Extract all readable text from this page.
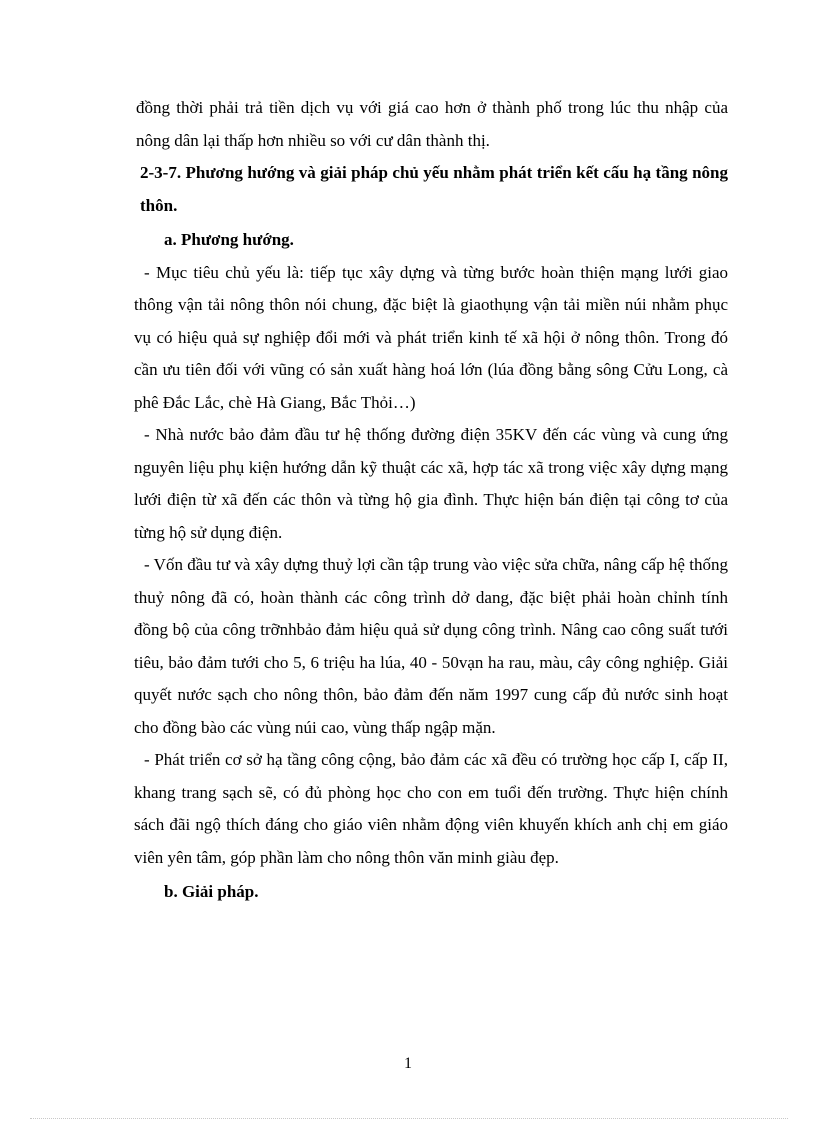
đồng thời phải trả tiền dịch vụ với giá cao hơn ở thành phố trong lúc thu nhập của nông dân lại thấp hơn nhiều so với cư dân thành thị.

2-3-7. Phương hướng và giải pháp chủ yếu nhằm phát triển kết cấu hạ tầng nông thôn.

a. Phương hướng.

- Mục tiêu chủ yếu là: tiếp tục xây dựng và từng bước hoàn thiện mạng lưới giao thông vận tải nông thôn nói chung, đặc biệt là giaothụng vận tải miền núi nhằm phục vụ có hiệu quả sự nghiệp đổi mới và phát triển kinh tế xã hội ở nông thôn. Trong đó cần ưu tiên đối với vũng có sản xuất hàng hoá lớn (lúa đồng bằng sông Cửu Long, cà phê Đắc Lắc, chè Hà Giang, Bắc Thỏi…)

- Nhà nước bảo đảm đầu tư hệ thống đường điện 35KV đến các vùng và cung ứng nguyên liệu phụ kiện hướng dẫn kỹ thuật các xã, hợp tác xã trong việc xây dựng mạng lưới điện từ xã đến các thôn và từng hộ gia đình. Thực hiện bán điện tại công tơ của từng hộ sử dụng điện.

- Vốn đầu tư và xây dựng thuỷ lợi cần tập trung vào việc sửa chữa, nâng cấp hệ thống thuỷ nông đã có, hoàn thành các công trình dở dang, đặc biệt phải hoàn chỉnh tính đồng bộ của công trỡnhbảo đảm hiệu quả sử dụng công trình. Nâng cao công suất tưới tiêu, bảo đảm tưới cho 5, 6 triệu ha lúa, 40 - 50vạn ha rau, màu, cây công nghiệp. Giải quyết nước sạch cho nông thôn, bảo đảm đến năm 1997 cung cấp đủ nước sinh hoạt cho đồng bào các vùng núi cao, vùng thấp ngập mặn.

- Phát triển cơ sở hạ tầng công cộng, bảo đảm các xã đều có trường học cấp I, cấp II, khang trang sạch sẽ, có đủ phòng học cho con em tuổi đến trường. Thực hiện chính sách đãi ngộ thích đáng cho giáo viên nhằm động viên khuyến khích anh chị em giáo viên yên tâm, góp phần làm cho nông thôn văn minh giàu đẹp.

b. Giải pháp.

1
